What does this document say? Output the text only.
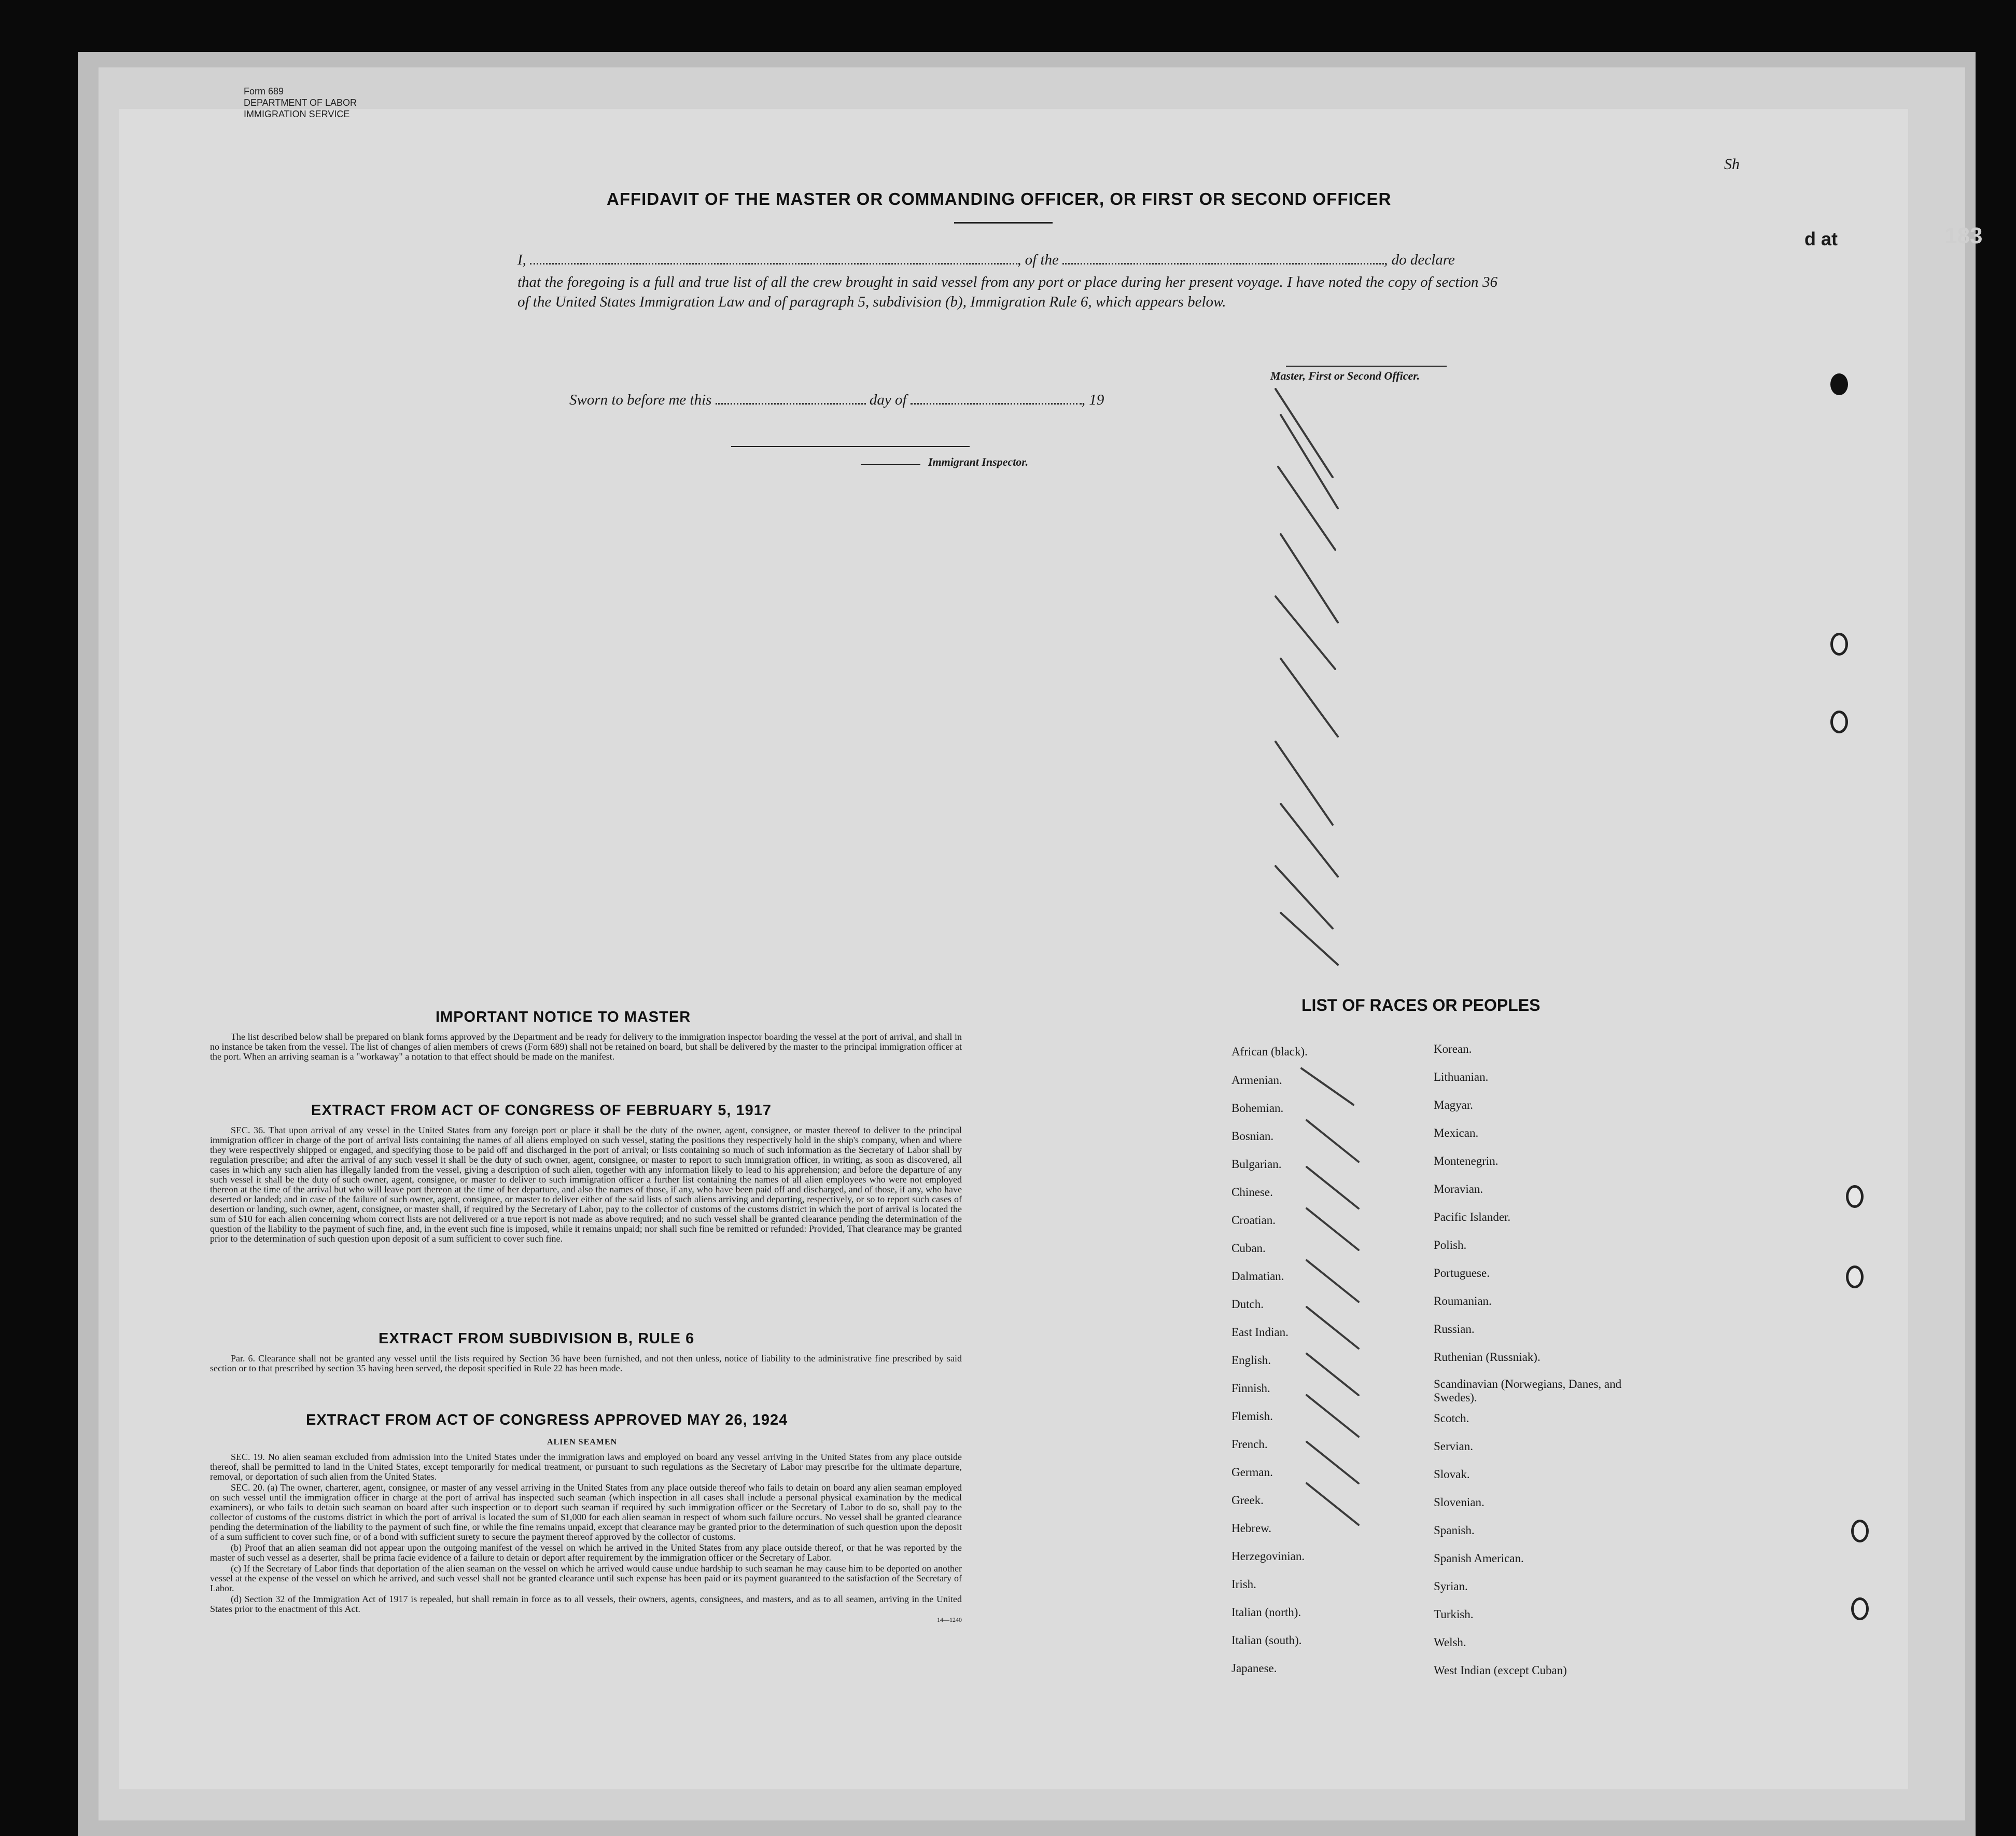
Form 689
DEPARTMENT OF LABOR
IMMIGRATION SERVICE
183
Sh
d at
AFFIDAVIT OF THE MASTER OR COMMANDING OFFICER, OR FIRST OR SECOND OFFICER
I,	, of the	, do declare
that the foregoing is a full and true list of all the crew brought in said vessel from any port or place during her present voyage. I have noted the copy of section 36 of the United States Immigration Law and of paragraph 5, subdivision (b), Immigration Rule 6, which appears below.
Master, First or Second Officer.
Sworn to before me this	day of	, 19
Immigrant Inspector.
IMPORTANT NOTICE TO MASTER

The list described below shall be prepared on blank forms approved by the Department and be ready for delivery to the immigration inspector boarding the vessel at the port of arrival, and shall in no instance be taken from the vessel. The list of changes of alien members of crews (Form 689) shall not be retained on board, but shall be delivered by the master to the principal immigration officer at the port. When an arriving seaman is a "workaway" a notation to that effect should be made on the manifest.

EXTRACT FROM ACT OF CONGRESS OF FEBRUARY 5, 1917

SEC. 36. That upon arrival of any vessel in the United States from any foreign port or place it shall be the duty of the owner, agent, consignee, or master thereof to deliver to the principal immigration officer in charge of the port of arrival lists containing the names of all aliens employed on such vessel, stating the positions they respectively hold in the ship's company, when and where they were respectively shipped or engaged, and specifying those to be paid off and discharged in the port of arrival; or lists containing so much of such information as the Secretary of Labor shall by regulation prescribe; and after the arrival of any such vessel it shall be the duty of such owner, agent, consignee, or master to report to such immigration officer, in writing, as soon as discovered, all cases in which any such alien has illegally landed from the vessel, giving a description of such alien, together with any information likely to lead to his apprehension; and before the departure of any such vessel it shall be the duty of such owner, agent, consignee, or master to deliver to such immigration officer a further list containing the names of all alien employees who were not employed thereon at the time of the arrival but who will leave port thereon at the time of her departure, and also the names of those, if any, who have been paid off and discharged, and of those, if any, who have deserted or landed; and in case of the failure of such owner, agent, consignee, or master to deliver either of the said lists of such aliens arriving and departing, respectively, or so to report such cases of desertion or landing, such owner, agent, consignee, or master shall, if required by the Secretary of Labor, pay to the collector of customs of the customs district in which the port of arrival is located the sum of $10 for each alien concerning whom correct lists are not delivered or a true report is not made as above required; and no such vessel shall be granted clearance pending the determination of the question of the liability to the payment of such fine, and, in the event such fine is imposed, while it remains unpaid; nor shall such fine be remitted or refunded: Provided, That clearance may be granted prior to the determination of such question upon deposit of a sum sufficient to cover such fine.

EXTRACT FROM SUBDIVISION B, RULE 6

Par. 6. Clearance shall not be granted any vessel until the lists required by Section 36 have been furnished, and not then unless, notice of liability to the administrative fine prescribed by said section or to that prescribed by section 35 having been served, the deposit specified in Rule 22 has been made.

EXTRACT FROM ACT OF CONGRESS APPROVED MAY 26, 1924
ALIEN SEAMEN

SEC. 19. No alien seaman excluded from admission into the United States under the immigration laws and employed on board any vessel arriving in the United States from any place outside thereof, shall be permitted to land in the United States, except temporarily for medical treatment, or pursuant to such regulations as the Secretary of Labor may prescribe for the ultimate departure, removal, or deportation of such alien from the United States.

SEC. 20. (a) The owner, charterer, agent, consignee, or master of any vessel arriving in the United States from any place outside thereof who fails to detain on board any alien seaman employed on such vessel until the immigration officer in charge at the port of arrival has inspected such seaman (which inspection in all cases shall include a personal physical examination by the medical examiners), or who fails to detain such seaman on board after such inspection or to deport such seaman if required by such immigration officer or the Secretary of Labor to do so, shall pay to the collector of customs of the customs district in which the port of arrival is located the sum of $1,000 for each alien seaman in respect of whom such failure occurs. No vessel shall be granted clearance pending the determination of the liability to the payment of such fine, or while the fine remains unpaid, except that clearance may be granted prior to the determination of such question upon the deposit of a sum sufficient to cover such fine, or of a bond with sufficient surety to secure the payment thereof approved by the collector of customs.

(b) Proof that an alien seaman did not appear upon the outgoing manifest of the vessel on which he arrived in the United States from any place outside thereof, or that he was reported by the master of such vessel as a deserter, shall be prima facie evidence of a failure to detain or deport after requirement by the immigration officer or the Secretary of Labor.

(c) If the Secretary of Labor finds that deportation of the alien seaman on the vessel on which he arrived would cause undue hardship to such seaman he may cause him to be deported on another vessel at the expense of the vessel on which he arrived, and such vessel shall not be granted clearance until such expense has been paid or its payment guaranteed to the satisfaction of the Secretary of Labor.

(d) Section 32 of the Immigration Act of 1917 is repealed, but shall remain in force as to all vessels, their owners, agents, consignees, and masters, and as to all seamen, arriving in the United States prior to the enactment of this Act.

14—1240
LIST OF RACES OR PEOPLES
African (black).
Armenian.
Bohemian.
Bosnian.
Bulgarian.
Chinese.
Croatian.
Cuban.
Dalmatian.
Dutch.
East Indian.
English.
Finnish.
Flemish.
French.
German.
Greek.
Hebrew.
Herzegovinian.
Irish.
Italian (north).
Italian (south).
Japanese.
Korean.
Lithuanian.
Magyar.
Mexican.
Montenegrin.
Moravian.
Pacific Islander.
Polish.
Portuguese.
Roumanian.
Russian.
Ruthenian (Russniak).
Scandinavian (Norwegians, Danes, and Swedes).
Scotch.
Servian.
Slovak.
Slovenian.
Spanish.
Spanish American.
Syrian.
Turkish.
Welsh.
West Indian (except Cuban)
